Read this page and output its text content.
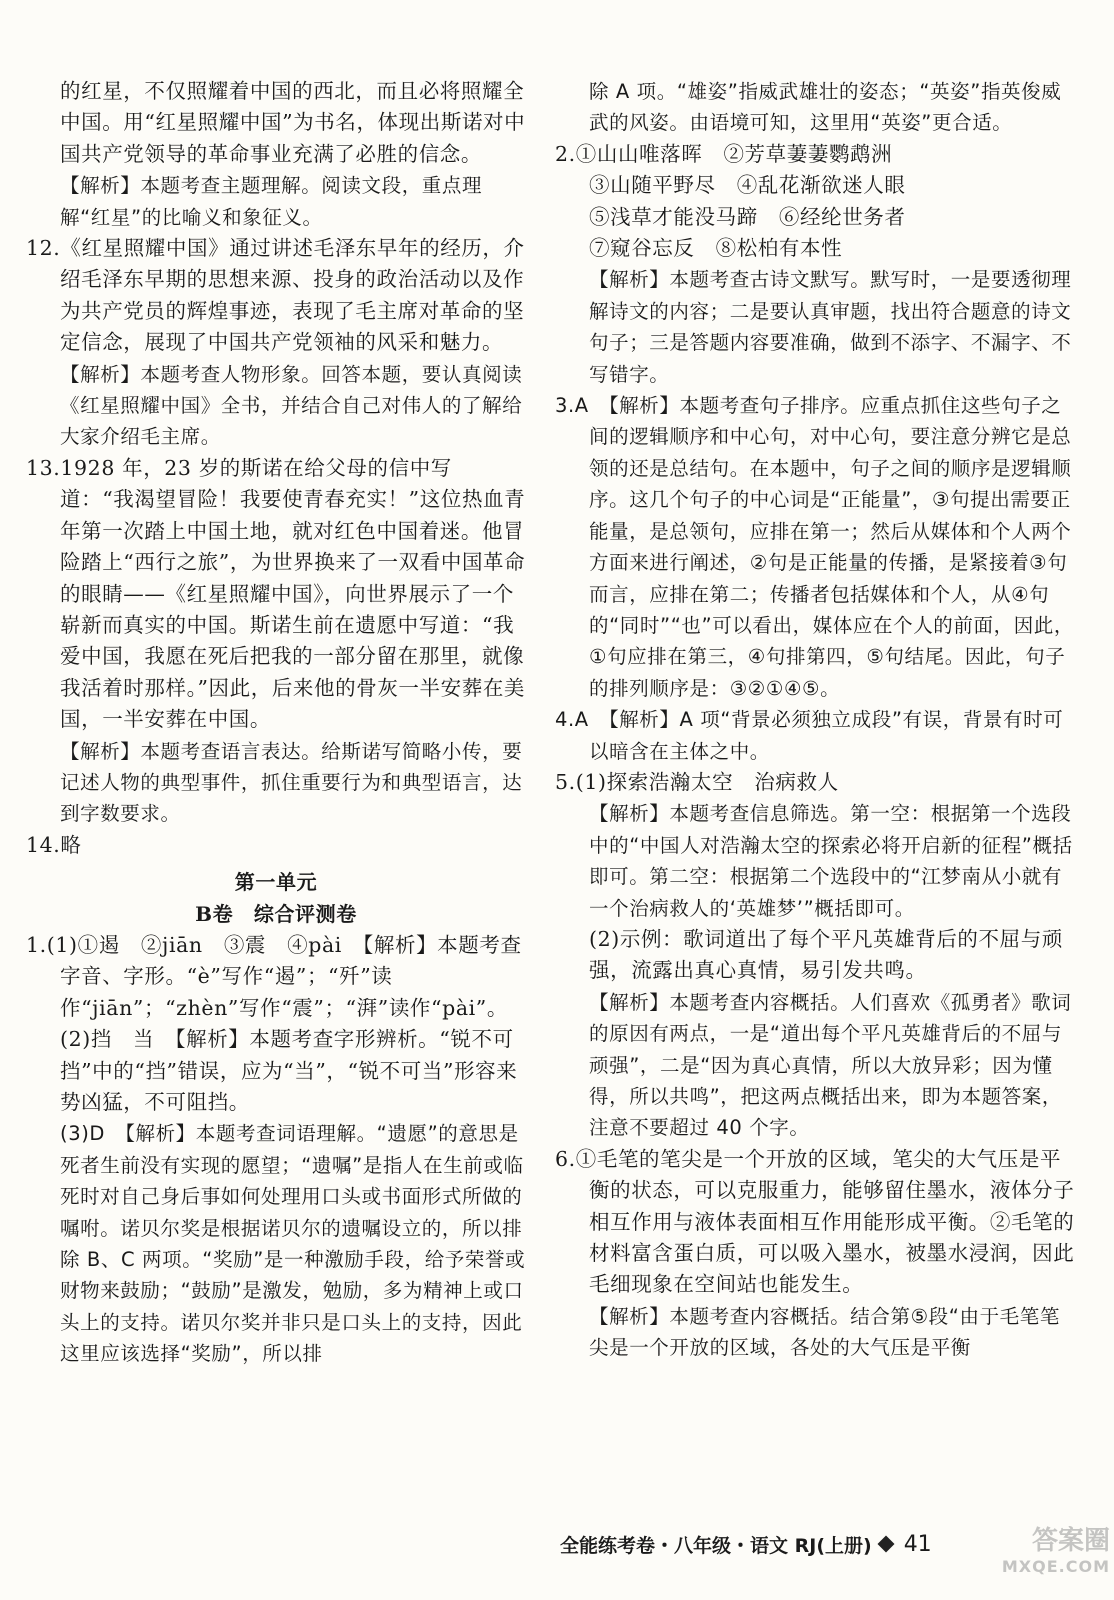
的红星，不仅照耀着中国的西北，而且必将照耀全中国。用“红星照耀中国”为书名，体现出斯诺对中国共产党领导的革命事业充满了必胜的信念。

【解析】本题考查主题理解。阅读文段，重点理解“红星”的比喻义和象征义。

12.《红星照耀中国》通过讲述毛泽东早年的经历，介绍毛泽东早期的思想来源、投身的政治活动以及作为共产党员的辉煌事迹，表现了毛主席对革命的坚定信念，展现了中国共产党领袖的风采和魅力。

【解析】本题考查人物形象。回答本题，要认真阅读《红星照耀中国》全书，并结合自己对伟人的了解给大家介绍毛主席。

13.1928 年，23 岁的斯诺在给父母的信中写道：“我渴望冒险！我要使青春充实！”这位热血青年第一次踏上中国土地，就对红色中国着迷。他冒险踏上“西行之旅”，为世界换来了一双看中国革命的眼睛——《红星照耀中国》，向世界展示了一个崭新而真实的中国。斯诺生前在遗愿中写道：“我爱中国，我愿在死后把我的一部分留在那里，就像我活着时那样。”因此，后来他的骨灰一半安葬在美国，一半安葬在中国。

【解析】本题考查语言表达。给斯诺写简略小传，要记述人物的典型事件，抓住重要行为和典型语言，达到字数要求。

14.略

第一单元

B卷　综合评测卷

1.(1)①遏　②jiān　③震　④pài　【解析】本题考查字音、字形。“è”写作“遏”；“歼”读作“jiān”；“zhèn”写作“震”；“湃”读作“pài”。

(2)挡　当　【解析】本题考查字形辨析。“锐不可挡”中的“挡”错误，应为“当”，“锐不可当”形容来势凶猛，不可阻挡。

(3)D　【解析】本题考查词语理解。“遗愿”的意思是死者生前没有实现的愿望；“遗嘱”是指人在生前或临死时对自己身后事如何处理用口头或书面形式所做的嘱咐。诺贝尔奖是根据诺贝尔的遗嘱设立的，所以排除 B、C 两项。“奖励”是一种激励手段，给予荣誉或财物来鼓励；“鼓励”是激发，勉励，多为精神上或口头上的支持。诺贝尔奖并非只是口头上的支持，因此这里应该选择“奖励”，所以排

除 A 项。“雄姿”指威武雄壮的姿态；“英姿”指英俊威武的风姿。由语境可知，这里用“英姿”更合适。

2.①山山唯落晖　②芳草萋萋鹦鹉洲

③山随平野尽　④乱花渐欲迷人眼

⑤浅草才能没马蹄　⑥经纶世务者

⑦窥谷忘反　⑧松柏有本性

【解析】本题考查古诗文默写。默写时，一是要透彻理解诗文的内容；二是要认真审题，找出符合题意的诗文句子；三是答题内容要准确，做到不添字、不漏字、不写错字。

3.A　【解析】本题考查句子排序。应重点抓住这些句子之间的逻辑顺序和中心句，对中心句，要注意分辨它是总领的还是总结句。在本题中，句子之间的顺序是逻辑顺序。这几个句子的中心词是“正能量”，③句提出需要正能量，是总领句，应排在第一；然后从媒体和个人两个方面来进行阐述，②句是正能量的传播，是紧接着③句而言，应排在第二；传播者包括媒体和个人，从④句的“同时”“也”可以看出，媒体应在个人的前面，因此，①句应排在第三，④句排第四，⑤句结尾。因此，句子的排列顺序是：③②①④⑤。

4.A　【解析】A 项“背景必须独立成段”有误，背景有时可以暗含在主体之中。

5.(1)探索浩瀚太空　治病救人

【解析】本题考查信息筛选。第一空：根据第一个选段中的“中国人对浩瀚太空的探索必将开启新的征程”概括即可。第二空：根据第二个选段中的“江梦南从小就有一个治病救人的‘英雄梦’”概括即可。

(2)示例：歌词道出了每个平凡英雄背后的不屈与顽强，流露出真心真情，易引发共鸣。

【解析】本题考查内容概括。人们喜欢《孤勇者》歌词的原因有两点，一是“道出每个平凡英雄背后的不屈与顽强”，二是“因为真心真情，所以大放异彩；因为懂得，所以共鸣”，把这两点概括出来，即为本题答案，注意不要超过 40 个字。

6.①毛笔的笔尖是一个开放的区域，笔尖的大气压是平衡的状态，可以克服重力，能够留住墨水，液体分子相互作用与液体表面相互作用能形成平衡。②毛笔的材料富含蛋白质，可以吸入墨水，被墨水浸润，因此毛细现象在空间站也能发生。

【解析】本题考查内容概括。结合第⑤段“由于毛笔笔尖是一个开放的区域，各处的大气压是平衡

全能练考卷・八年级・语文 RJ(上册) 41	答案圈
MXQE.COM
